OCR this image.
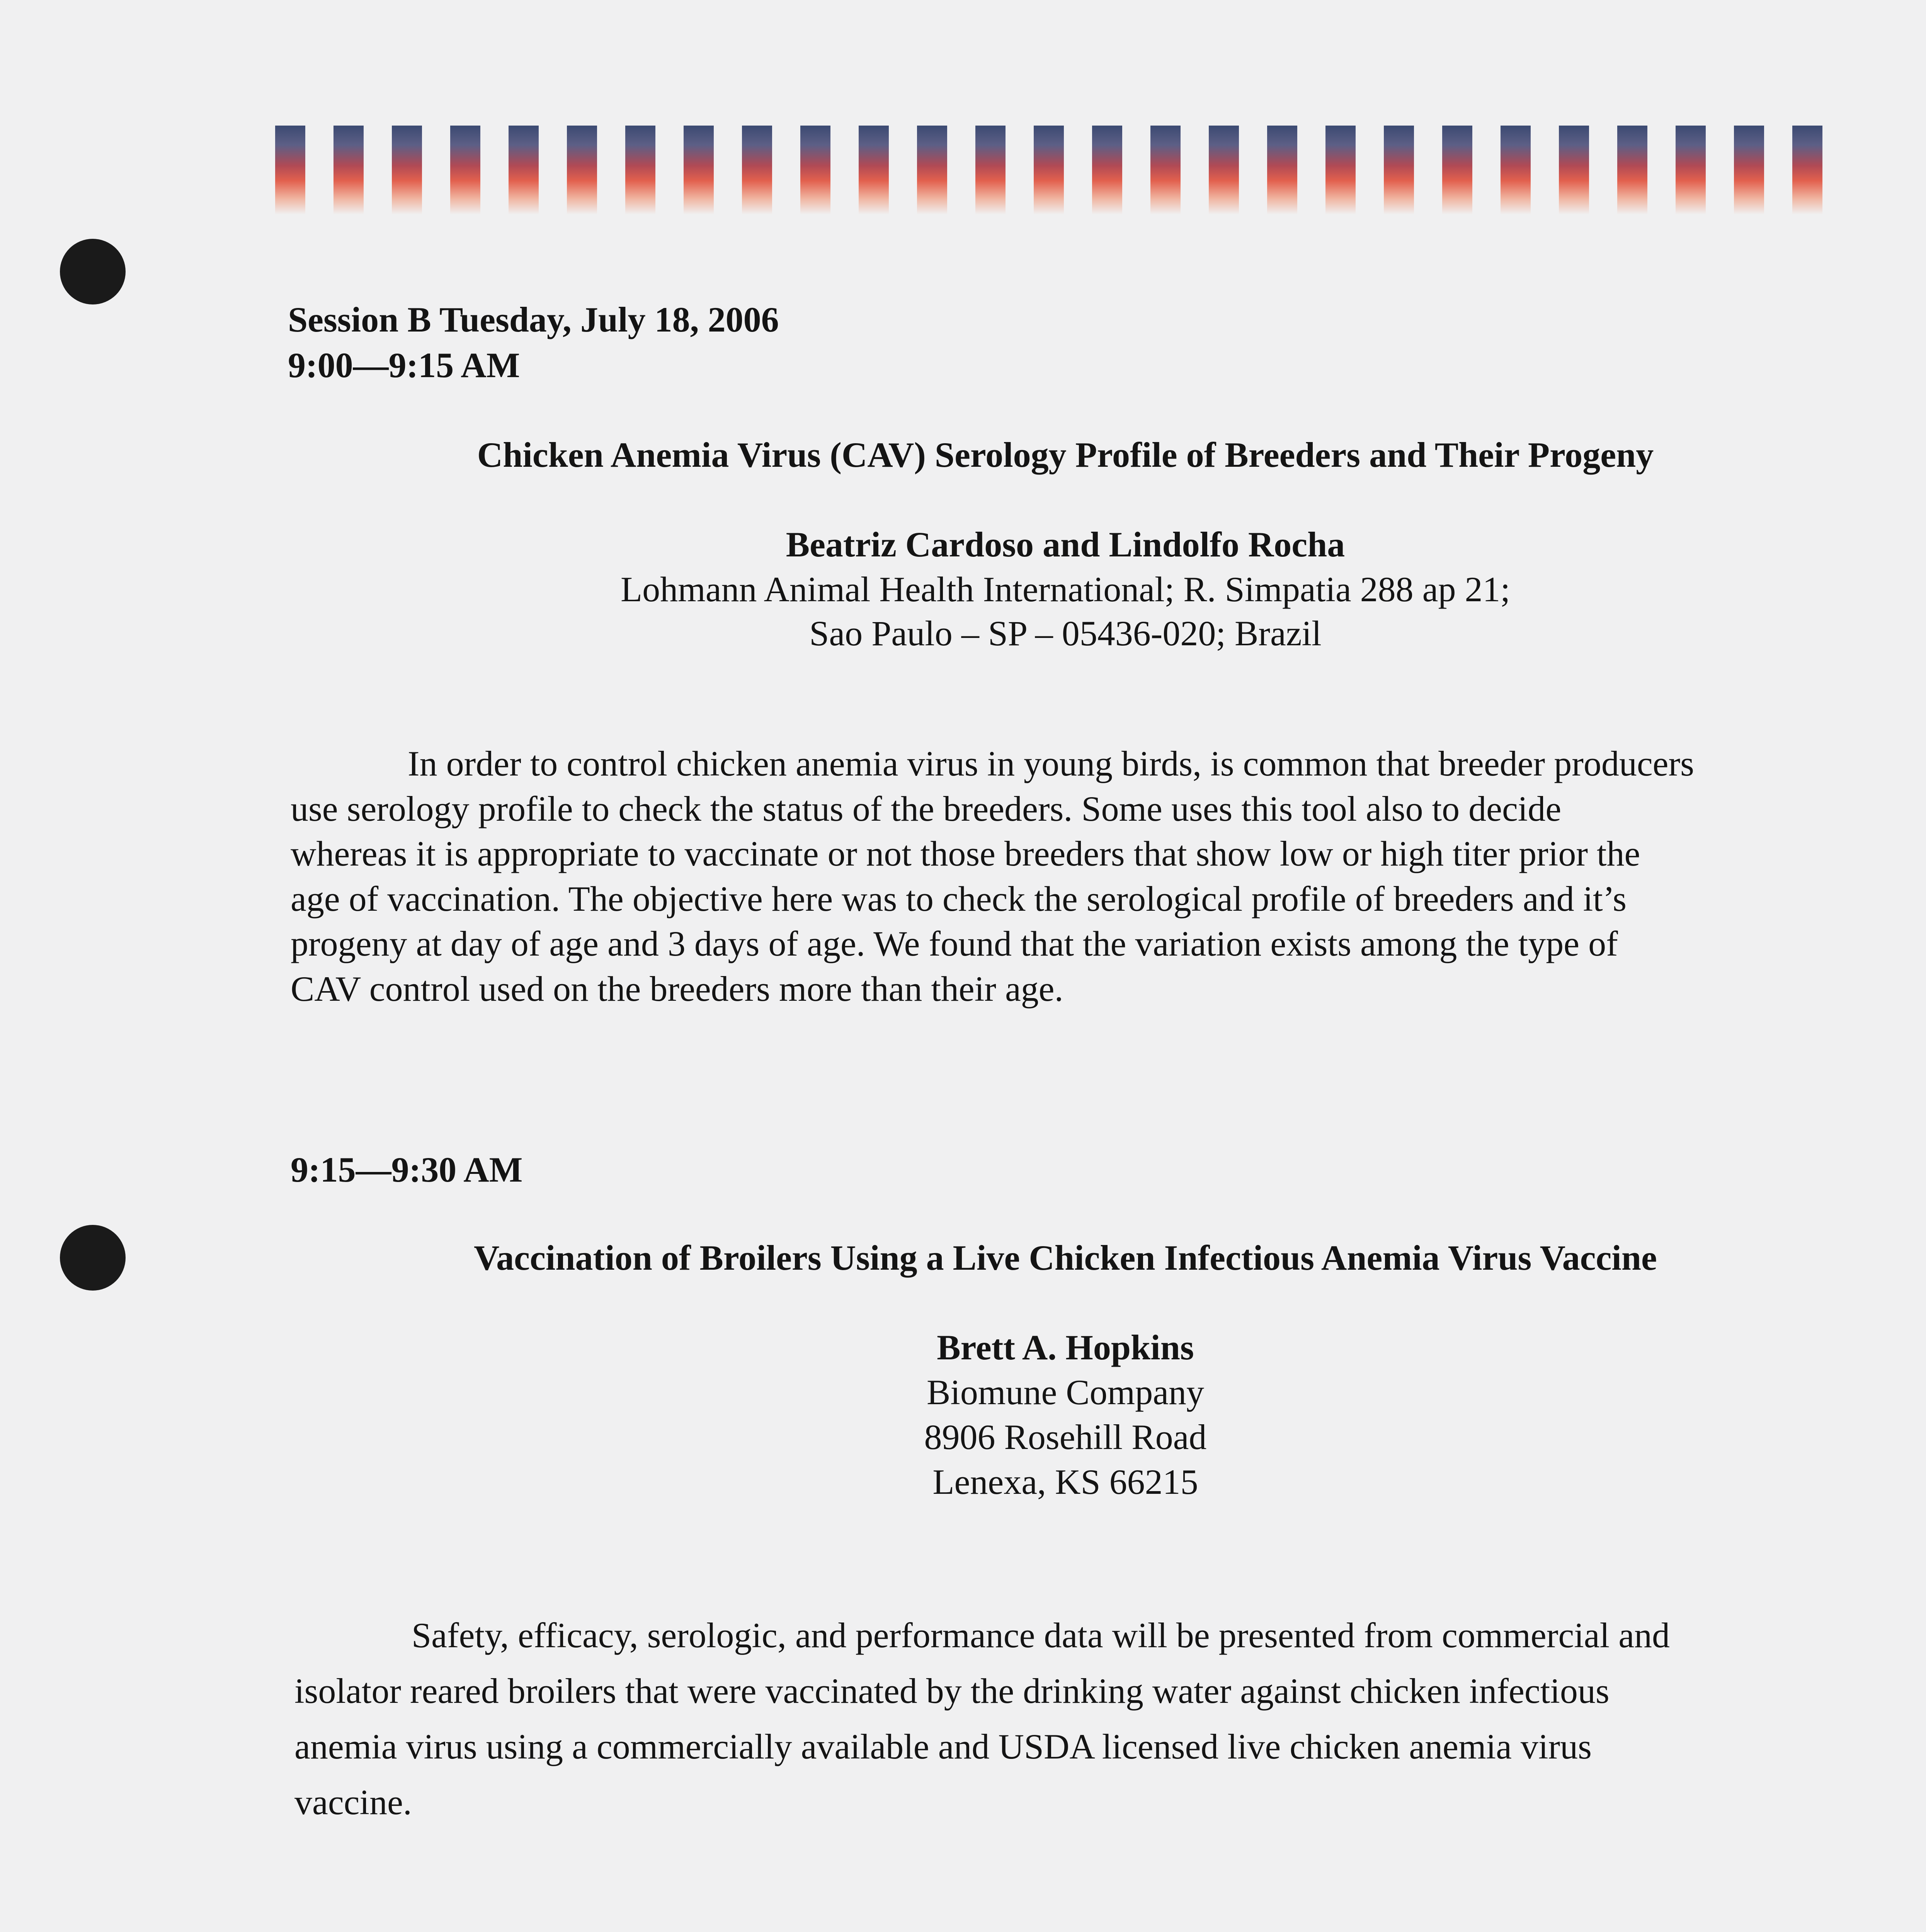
Session B Tuesday, July 18, 2006

9:00—9:15 AM

Chicken Anemia Virus (CAV) Serology Profile of Breeders and Their Progeny

Beatriz Cardoso and Lindolfo Rocha

Lohmann Animal Health International; R. Simpatia 288 ap 21;

Sao Paulo – SP – 05436-020; Brazil

In order to control chicken anemia virus in young birds, is common that breeder producers
use serology profile to check the status of the breeders. Some uses this tool also to decide
whereas it is appropriate to vaccinate or not those breeders that show low or high titer prior the
age of vaccination. The objective here was to check the serological profile of breeders and it’s
progeny at day of age and 3 days of age. We found that the variation exists among the type of
CAV control used on the breeders more than their age.

9:15—9:30 AM

Vaccination of Broilers Using a Live Chicken Infectious Anemia Virus Vaccine

Brett A. Hopkins

Biomune Company

8906 Rosehill Road

Lenexa, KS 66215

Safety, efficacy, serologic, and performance data will be presented from commercial and
isolator reared broilers that were vaccinated by the drinking water against chicken infectious
anemia virus using a commercially available and USDA licensed live chicken anemia virus
vaccine.
